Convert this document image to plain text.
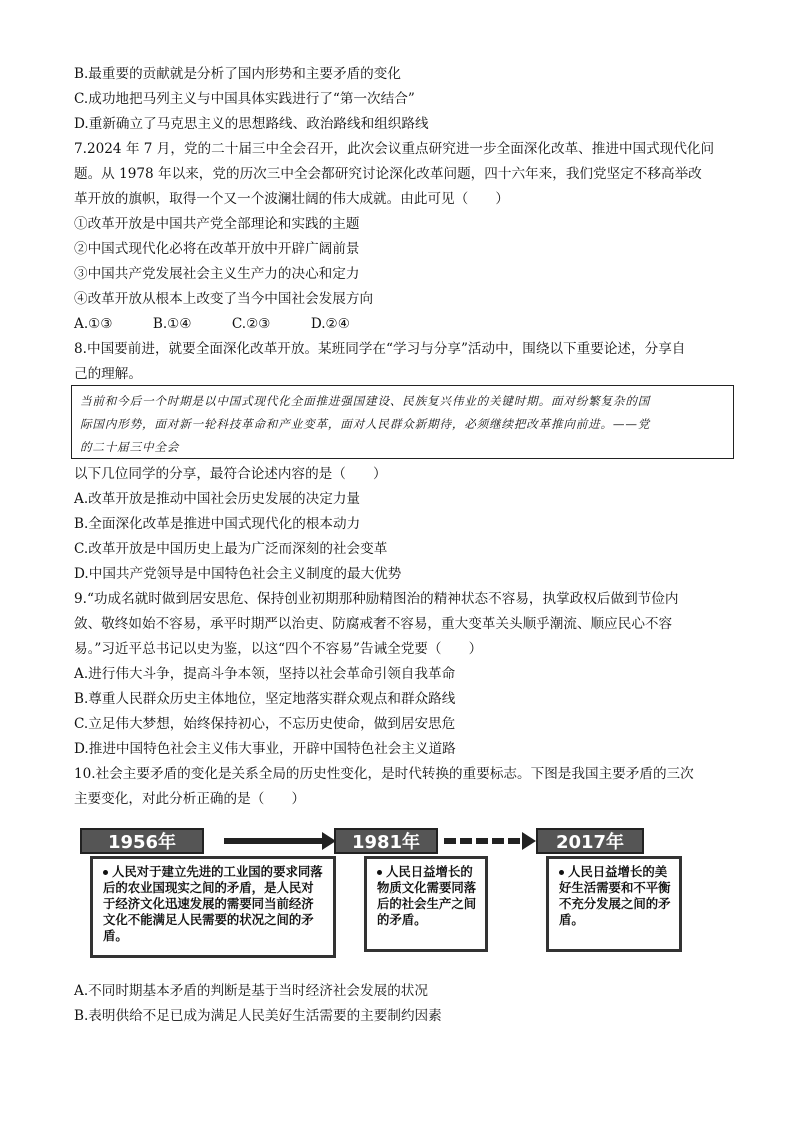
B.最重要的贡献就是分析了国内形势和主要矛盾的变化
C.成功地把马列主义与中国具体实践进行了“第一次结合”
D.重新确立了马克思主义的思想路线、政治路线和组织路线
7.2024 年 7 月，党的二十届三中全会召开，此次会议重点研究进一步全面深化改革、推进中国式现代化问
题。从 1978 年以来，党的历次三中全会都研究讨论深化改革问题，四十六年来，我们党坚定不移高举改
革开放的旗帜，取得一个又一个波澜壮阔的伟大成就。由此可见（　　）
①改革开放是中国共产党全部理论和实践的主题
②中国式现代化必将在改革开放中开辟广阔前景
③中国共产党发展社会主义生产力的决心和定力
④改革开放从根本上改变了当今中国社会发展方向
A.①③	B.①④	C.②③	D.②④
8.中国要前进，就要全面深化改革开放。某班同学在“学习与分享”活动中，围绕以下重要论述，分享自
己的理解。
当前和今后一个时期是以中国式现代化全面推进强国建设、民族复兴伟业的关键时期。面对纷繁复杂的国
际国内形势，面对新一轮科技革命和产业变革，面对人民群众新期待，必须继续把改革推向前进。——党
的二十届三中全会
以下几位同学的分享，最符合论述内容的是（　　）
A.改革开放是推动中国社会历史发展的决定力量
B.全面深化改革是推进中国式现代化的根本动力
C.改革开放是中国历史上最为广泛而深刻的社会变革
D.中国共产党领导是中国特色社会主义制度的最大优势
9.“功成名就时做到居安思危、保持创业初期那种励精图治的精神状态不容易，执掌政权后做到节俭内
敛、敬终如始不容易，承平时期严以治吏、防腐戒奢不容易，重大变革关头顺乎潮流、顺应民心不容
易。”习近平总书记以史为鉴，以这“四个不容易”告诫全党要（　　）
A.进行伟大斗争，提高斗争本领，坚持以社会革命引领自我革命
B.尊重人民群众历史主体地位，坚定地落实群众观点和群众路线
C.立足伟大梦想，始终保持初心，不忘历史使命，做到居安思危
D.推进中国特色社会主义伟大事业，开辟中国特色社会主义道路
10.社会主要矛盾的变化是关系全局的历史性变化，是时代转换的重要标志。下图是我国主要矛盾的三次
主要变化，对此分析正确的是（　　）
1956年	1981年	2017年
人民对于建立先进的工业国的要求同落后的农业国现实之间的矛盾，是人民对于经济文化迅速发展的需要同当前经济文化不能满足人民需要的状况之间的矛盾。
人民日益增长的物质文化需要同落后的社会生产之间的矛盾。
人民日益增长的美好生活需要和不平衡不充分发展之间的矛盾。
A.不同时期基本矛盾的判断是基于当时经济社会发展的状况
B.表明供给不足已成为满足人民美好生活需要的主要制约因素
